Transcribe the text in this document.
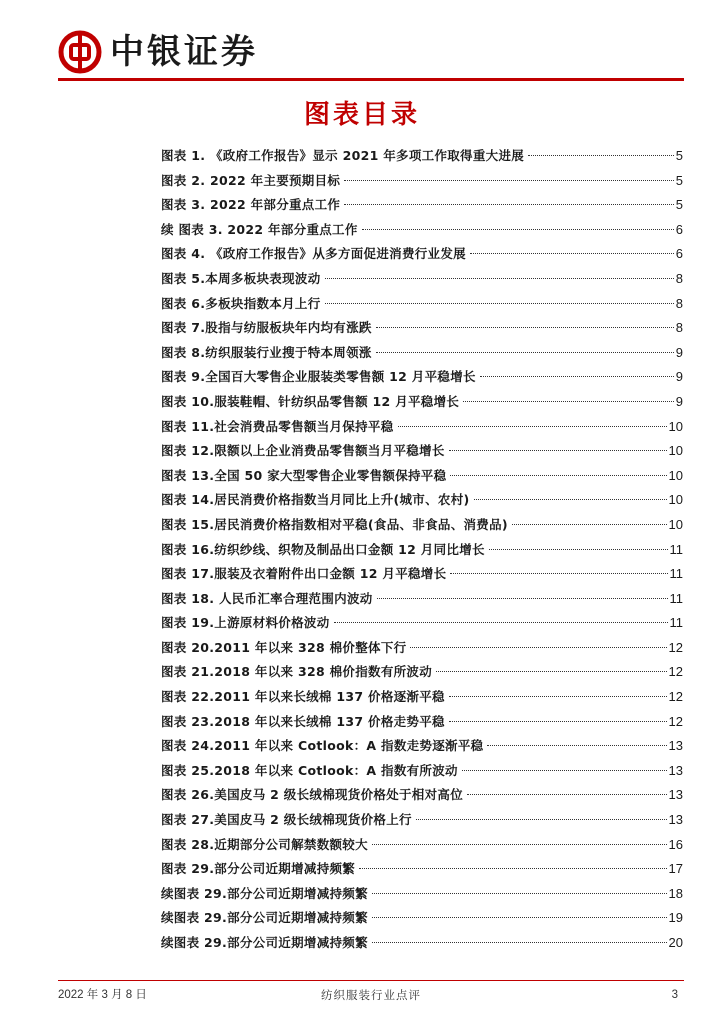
中银证券
图表目录
图表 1. 《政府工作报告》显示 2021 年多项工作取得重大进展	5
图表 2. 2022 年主要预期目标	5
图表 3. 2022 年部分重点工作	5
续 图表 3. 2022 年部分重点工作	6
图表 4. 《政府工作报告》从多方面促进消费行业发展	6
图表 5.本周多板块表现波动	8
图表 6.多板块指数本月上行	8
图表 7.股指与纺服板块年内均有涨跌	8
图表 8.纺织服装行业搜于特本周领涨	9
图表 9.全国百大零售企业服装类零售额 12 月平稳增长	9
图表 10.服装鞋帽、针纺织品零售额 12 月平稳增长	9
图表 11.社会消费品零售额当月保持平稳	10
图表 12.限额以上企业消费品零售额当月平稳增长	10
图表 13.全国 50 家大型零售企业零售额保持平稳	10
图表 14.居民消费价格指数当月同比上升(城市、农村)	10
图表 15.居民消费价格指数相对平稳(食品、非食品、消费品)	10
图表 16.纺织纱线、织物及制品出口金额 12 月同比增长	11
图表 17.服装及衣着附件出口金额 12 月平稳增长	11
图表 18. 人民币汇率合理范围内波动	11
图表 19.上游原材料价格波动	11
图表 20.2011 年以来 328 棉价整体下行	12
图表 21.2018 年以来 328 棉价指数有所波动	12
图表 22.2011 年以来长绒棉 137 价格逐渐平稳	12
图表 23.2018 年以来长绒棉 137 价格走势平稳	12
图表 24.2011 年以来 Cotlook：A 指数走势逐渐平稳	13
图表 25.2018 年以来 Cotlook：A 指数有所波动	13
图表 26.美国皮马 2 级长绒棉现货价格处于相对高位	13
图表 27.美国皮马 2 级长绒棉现货价格上行	13
图表 28.近期部分公司解禁数额较大	16
图表 29.部分公司近期增减持频繁	17
续图表 29.部分公司近期增减持频繁	18
续图表 29.部分公司近期增减持频繁	19
续图表 29.部分公司近期增减持频繁	20
2022 年 3 月 8 日	纺织服装行业点评	3
